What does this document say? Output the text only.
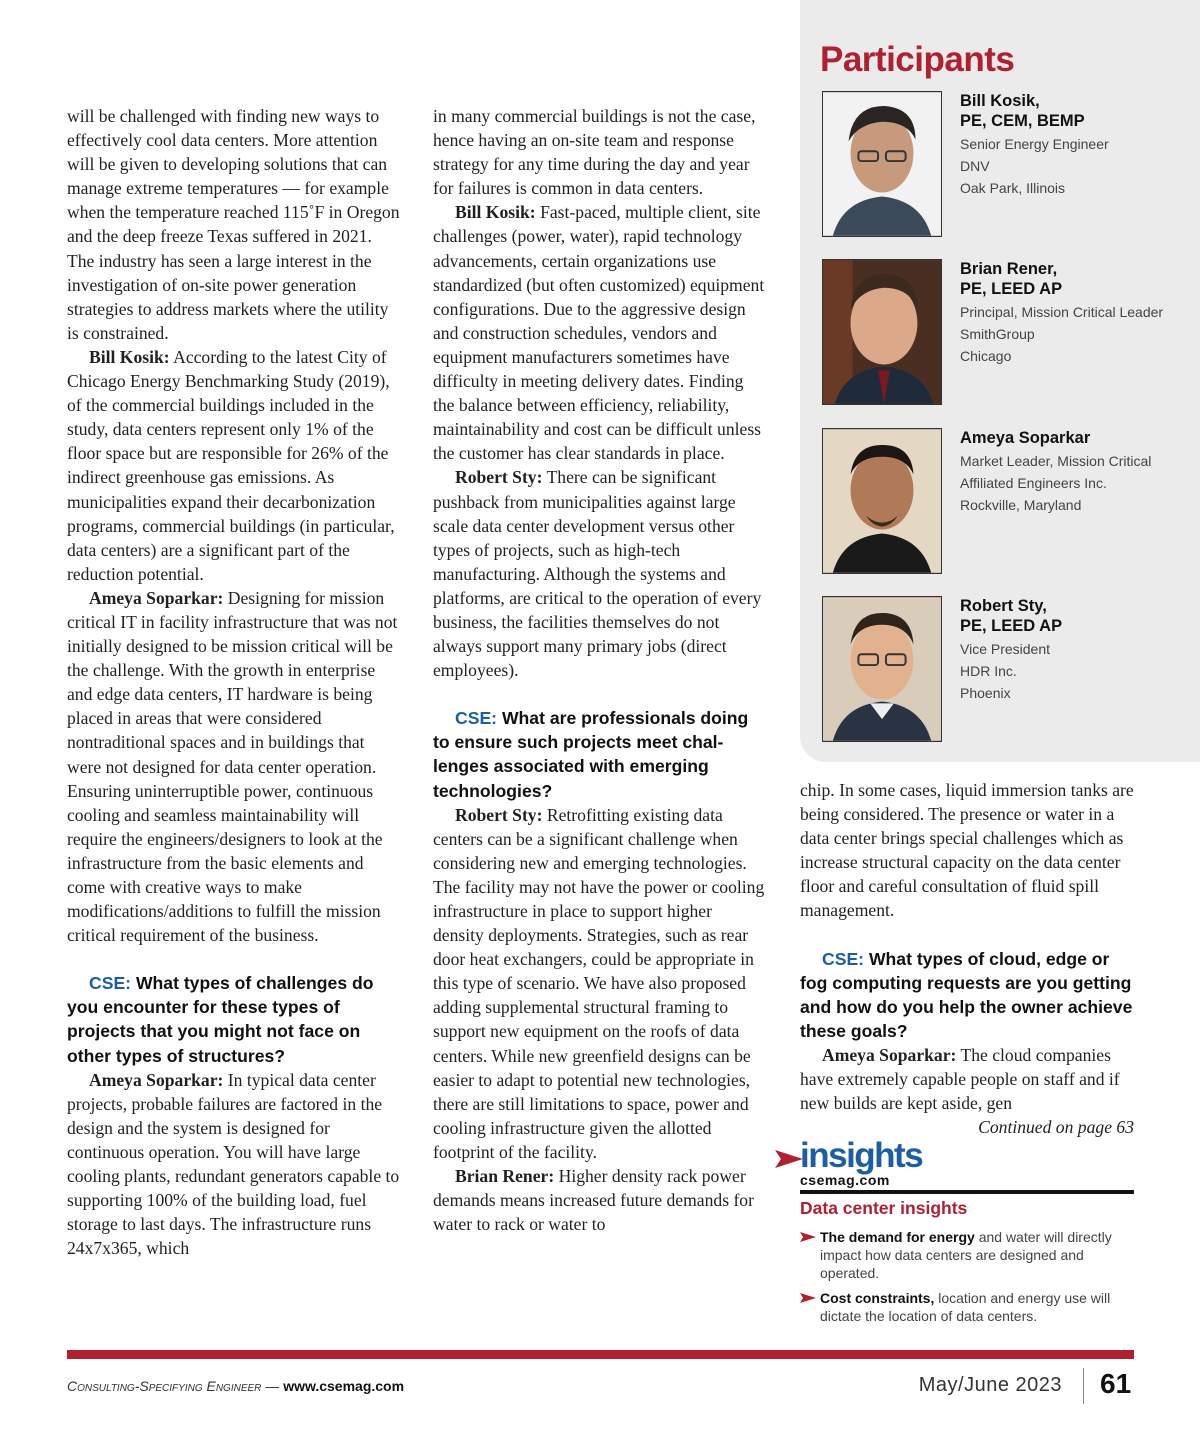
will be challenged with finding new ways to effectively cool data centers. More attention will be given to developing solutions that can manage extreme temperatures — for example when the temperature reached 115˚F in Oregon and the deep freeze Texas suffered in 2021. The industry has seen a large interest in the investigation of on-site power generation strategies to address markets where the utility is constrained.

Bill Kosik: According to the latest City of Chicago Energy Benchmarking Study (2019), of the commercial buildings included in the study, data centers represent only 1% of the floor space but are responsible for 26% of the indirect greenhouse gas emissions. As municipalities expand their decarbonization programs, commercial buildings (in particular, data centers) are a significant part of the reduction potential.

Ameya Soparkar: Designing for mission critical IT in facility infrastructure that was not initially designed to be mission critical will be the challenge. With the growth in enterprise and edge data centers, IT hardware is being placed in areas that were considered nontraditional spaces and in buildings that were not designed for data center operation. Ensuring uninterruptible power, continuous cooling and seamless maintainability will require the engineers/designers to look at the infrastructure from the basic elements and come with creative ways to make modifications/additions to fulfill the mission critical requirement of the business.

CSE: What types of challenges do you encounter for these types of projects that you might not face on other types of structures?

Ameya Soparkar: In typical data center projects, probable failures are factored in the design and the system is designed for continuous operation. You will have large cooling plants, redundant generators capable to supporting 100% of the building load, fuel storage to last days. The infrastructure runs 24x7x365, which

in many commercial buildings is not the case, hence having an on-site team and response strategy for any time during the day and year for failures is common in data centers.

Bill Kosik: Fast-paced, multiple client, site challenges (power, water), rapid technology advancements, certain organizations use standardized (but often customized) equipment configurations. Due to the aggressive design and construction schedules, vendors and equipment manufacturers sometimes have difficulty in meeting delivery dates. Finding the balance between efficiency, reliability, maintainability and cost can be difficult unless the customer has clear standards in place.

Robert Sty: There can be significant pushback from municipalities against large scale data center development versus other types of projects, such as high-tech manufacturing. Although the systems and platforms, are critical to the operation of every business, the facilities themselves do not always support many primary jobs (direct employees).

CSE: What are professionals doing to ensure such projects meet challenges associated with emerging technologies?

Robert Sty: Retrofitting existing data centers can be a significant challenge when considering new and emerging technologies. The facility may not have the power or cooling infrastructure in place to support higher density deployments. Strategies, such as rear door heat exchangers, could be appropriate in this type of scenario. We have also proposed adding supplemental structural framing to support new equipment on the roofs of data centers. While new greenfield designs can be easier to adapt to potential new technologies, there are still limitations to space, power and cooling infrastructure given the allotted footprint of the facility.

Brian Rener: Higher density rack power demands means increased future demands for water to rack or water to

chip. In some cases, liquid immersion tanks are being considered. The presence or water in a data center brings special challenges which as increase structural capacity on the data center floor and careful consultation of fluid spill management.

CSE: What types of cloud, edge or fog computing requests are you getting and how do you help the owner achieve these goals?

Ameya Soparkar: The cloud companies have extremely capable people on staff and if new builds are kept aside, gen

Continued on page 63
Participants
Bill Kosik,
PE, CEM, BEMP
Senior Energy Engineer
DNV
Oak Park, Illinois
Brian Rener,
PE, LEED AP
Principal, Mission Critical Leader
SmithGroup
Chicago
Ameya Soparkar
Market Leader, Mission Critical
Affiliated Engineers Inc.
Rockville, Maryland
Robert Sty,
PE, LEED AP
Vice President
HDR Inc.
Phoenix
insights
csemag.com
Data center insights
The demand for energy and water will directly impact how data centers are designed and operated.
Cost constraints, location and energy use will dictate the location of data centers.
Consulting-Specifying Engineer — www.csemag.com	May/June 2023 61
